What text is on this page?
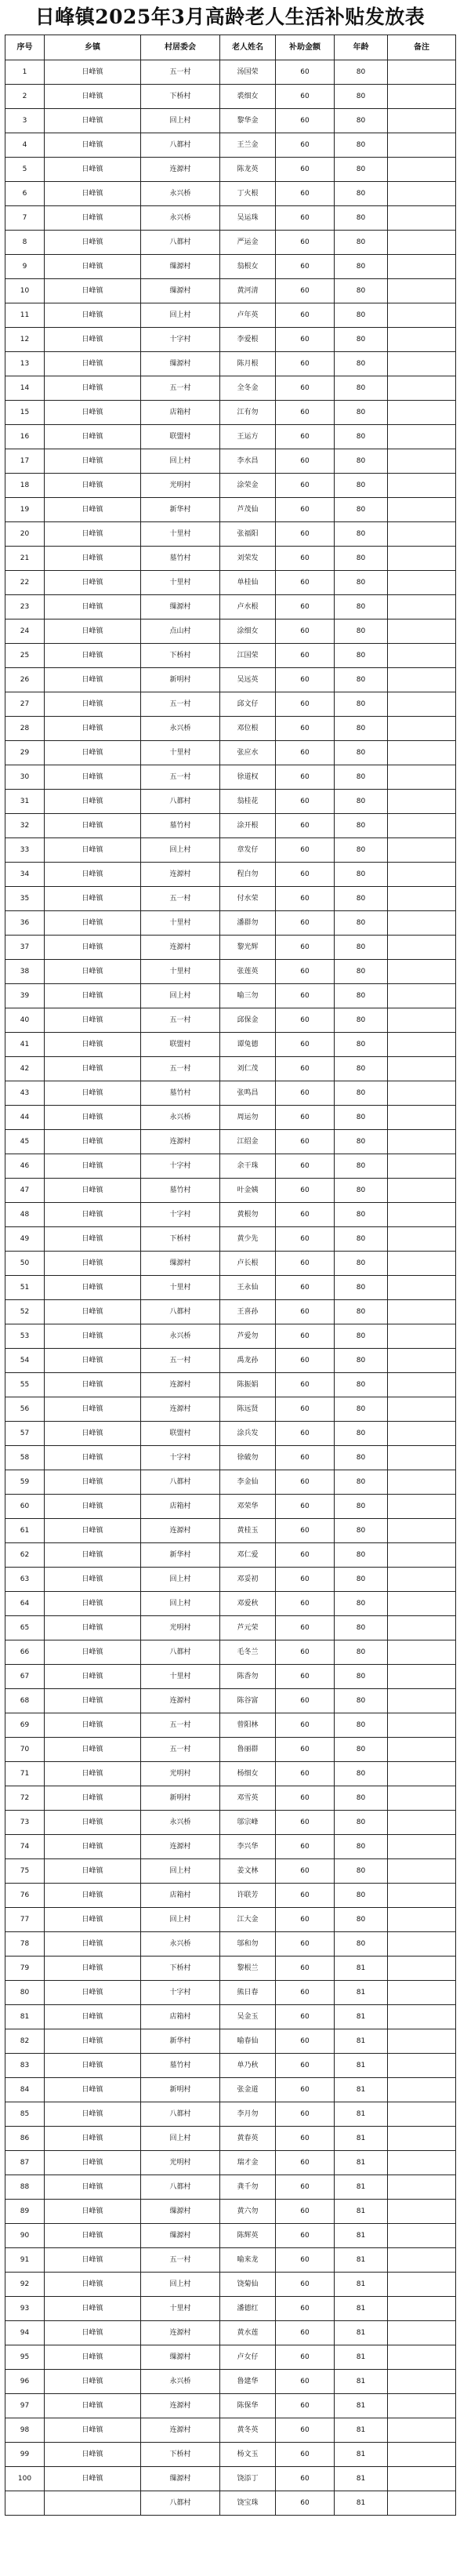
日峰镇2025年3月高龄老人生活补贴发放表
序号	乡镇	村居委会	老人姓名	补助金额	年龄	备注
1	日峰镇	五一村	汤国荣	60	80	
2	日峰镇	下桥村	裘细女	60	80	
3	日峰镇	回上村	黎华金	60	80	
4	日峰镇	八都村	王兰金	60	80	
5	日峰镇	连源村	陈龙英	60	80	
6	日峰镇	永兴桥	丁火根	60	80	
7	日峰镇	永兴桥	吴运珠	60	80	
8	日峰镇	八都村	严运金	60	80	
9	日峰镇	缫源村	翁根女	60	80	
10	日峰镇	缫源村	黄河清	60	80	
11	日峰镇	回上村	卢年英	60	80	
12	日峰镇	十字村	李爱根	60	80	
13	日峰镇	缫源村	陈月根	60	80	
14	日峰镇	五一村	全冬金	60	80	
15	日峰镇	店箱村	江有勿	60	80	
16	日峰镇	联盟村	王运方	60	80	
17	日峰镇	回上村	李水昌	60	80	
18	日峰镇	光明村	涂荣金	60	80	
19	日峰镇	新华村	芦茂仙	60	80	
20	日峰镇	十里村	张福阳	60	80	
21	日峰镇	墓竹村	刘荣发	60	80	
22	日峰镇	十里村	单桂仙	60	80	
23	日峰镇	缫源村	卢水根	60	80	
24	日峰镇	点山村	涂细女	60	80	
25	日峰镇	下桥村	江国荣	60	80	
26	日峰镇	新明村	吴远英	60	80	
27	日峰镇	五一村	邱文仔	60	80	
28	日峰镇	永兴桥	邓位根	60	80	
29	日峰镇	十里村	张应水	60	80	
30	日峰镇	五一村	徐道权	60	80	
31	日峰镇	八都村	翁桂花	60	80	
32	日峰镇	墓竹村	涂开根	60	80	
33	日峰镇	回上村	章发仔	60	80	
34	日峰镇	连源村	程白勿	60	80	
35	日峰镇	五一村	付水荣	60	80	
36	日峰镇	十里村	潘群勿	60	80	
37	日峰镇	连源村	黎光辉	60	80	
38	日峰镇	十里村	张莲英	60	80	
39	日峰镇	回上村	喻三勿	60	80	
40	日峰镇	五一村	邱保金	60	80	
41	日峰镇	联盟村	谭兔德	60	80	
42	日峰镇	五一村	刘仁茂	60	80	
43	日峰镇	墓竹村	张鸣昌	60	80	
44	日峰镇	永兴桥	周运勿	60	80	
45	日峰镇	连源村	江绍金	60	80	
46	日峰镇	十字村	余干珠	60	80	
47	日峰镇	墓竹村	叶金姨	60	80	
48	日峰镇	十字村	黄根勿	60	80	
49	日峰镇	下桥村	黄少先	60	80	
50	日峰镇	缫源村	卢长根	60	80	
51	日峰镇	十里村	王永仙	60	80	
52	日峰镇	八都村	王喜孙	60	80	
53	日峰镇	永兴桥	芦爱勿	60	80	
54	日峰镇	五一村	禹龙孙	60	80	
55	日峰镇	连源村	陈振娟	60	80	
56	日峰镇	连源村	陈远贤	60	80	
57	日峰镇	联盟村	涂兵发	60	80	
58	日峰镇	十字村	徐破勿	60	80	
59	日峰镇	八都村	李金仙	60	80	
60	日峰镇	店箱村	邓荣华	60	80	
61	日峰镇	连源村	黄桂玉	60	80	
62	日峰镇	新华村	邓仁爱	60	80	
63	日峰镇	回上村	邓妥初	60	80	
64	日峰镇	回上村	邓爱秋	60	80	
65	日峰镇	光明村	芦元荣	60	80	
66	日峰镇	八都村	毛冬兰	60	80	
67	日峰镇	十里村	陈香勿	60	80	
68	日峰镇	连源村	陈谷富	60	80	
69	日峰镇	五一村	曾阳林	60	80	
70	日峰镇	五一村	鲁丽群	60	80	
71	日峰镇	光明村	杨细女	60	80	
72	日峰镇	新明村	邓雪英	60	80	
73	日峰镇	永兴桥	邬宗峰	60	80	
74	日峰镇	连源村	李兴华	60	80	
75	日峰镇	回上村	姜文林	60	80	
76	日峰镇	店箱村	许联芳	60	80	
77	日峰镇	回上村	江大金	60	80	
78	日峰镇	永兴桥	邬和勿	60	80	
79	日峰镇	下桥村	黎根兰	60	81	
80	日峰镇	十字村	熊日春	60	81	
81	日峰镇	店箱村	吴金玉	60	81	
82	日峰镇	新华村	喻春仙	60	81	
83	日峰镇	墓竹村	单乃秋	60	81	
84	日峰镇	新明村	张金道	60	81	
85	日峰镇	八都村	李月勿	60	81	
86	日峰镇	回上村	黄春英	60	81	
87	日峰镇	光明村	瑞才金	60	81	
88	日峰镇	八都村	龚千勿	60	81	
89	日峰镇	缫源村	黄六勿	60	81	
90	日峰镇	缫源村	陈辉英	60	81	
91	日峰镇	五一村	喻来龙	60	81	
92	日峰镇	回上村	饶菊仙	60	81	
93	日峰镇	十里村	潘德红	60	81	
94	日峰镇	连源村	黄水莲	60	81	
95	日峰镇	缫源村	卢女仔	60	81	
96	日峰镇	永兴桥	鲁建华	60	81	
97	日峰镇	连源村	陈保华	60	81	
98	日峰镇	连源村	黄冬英	60	81	
99	日峰镇	下桥村	杨文玉	60	81	
100	日峰镇	缫源村	饶添丁	60	81	
		八都村	饶宝珠	60	81	
